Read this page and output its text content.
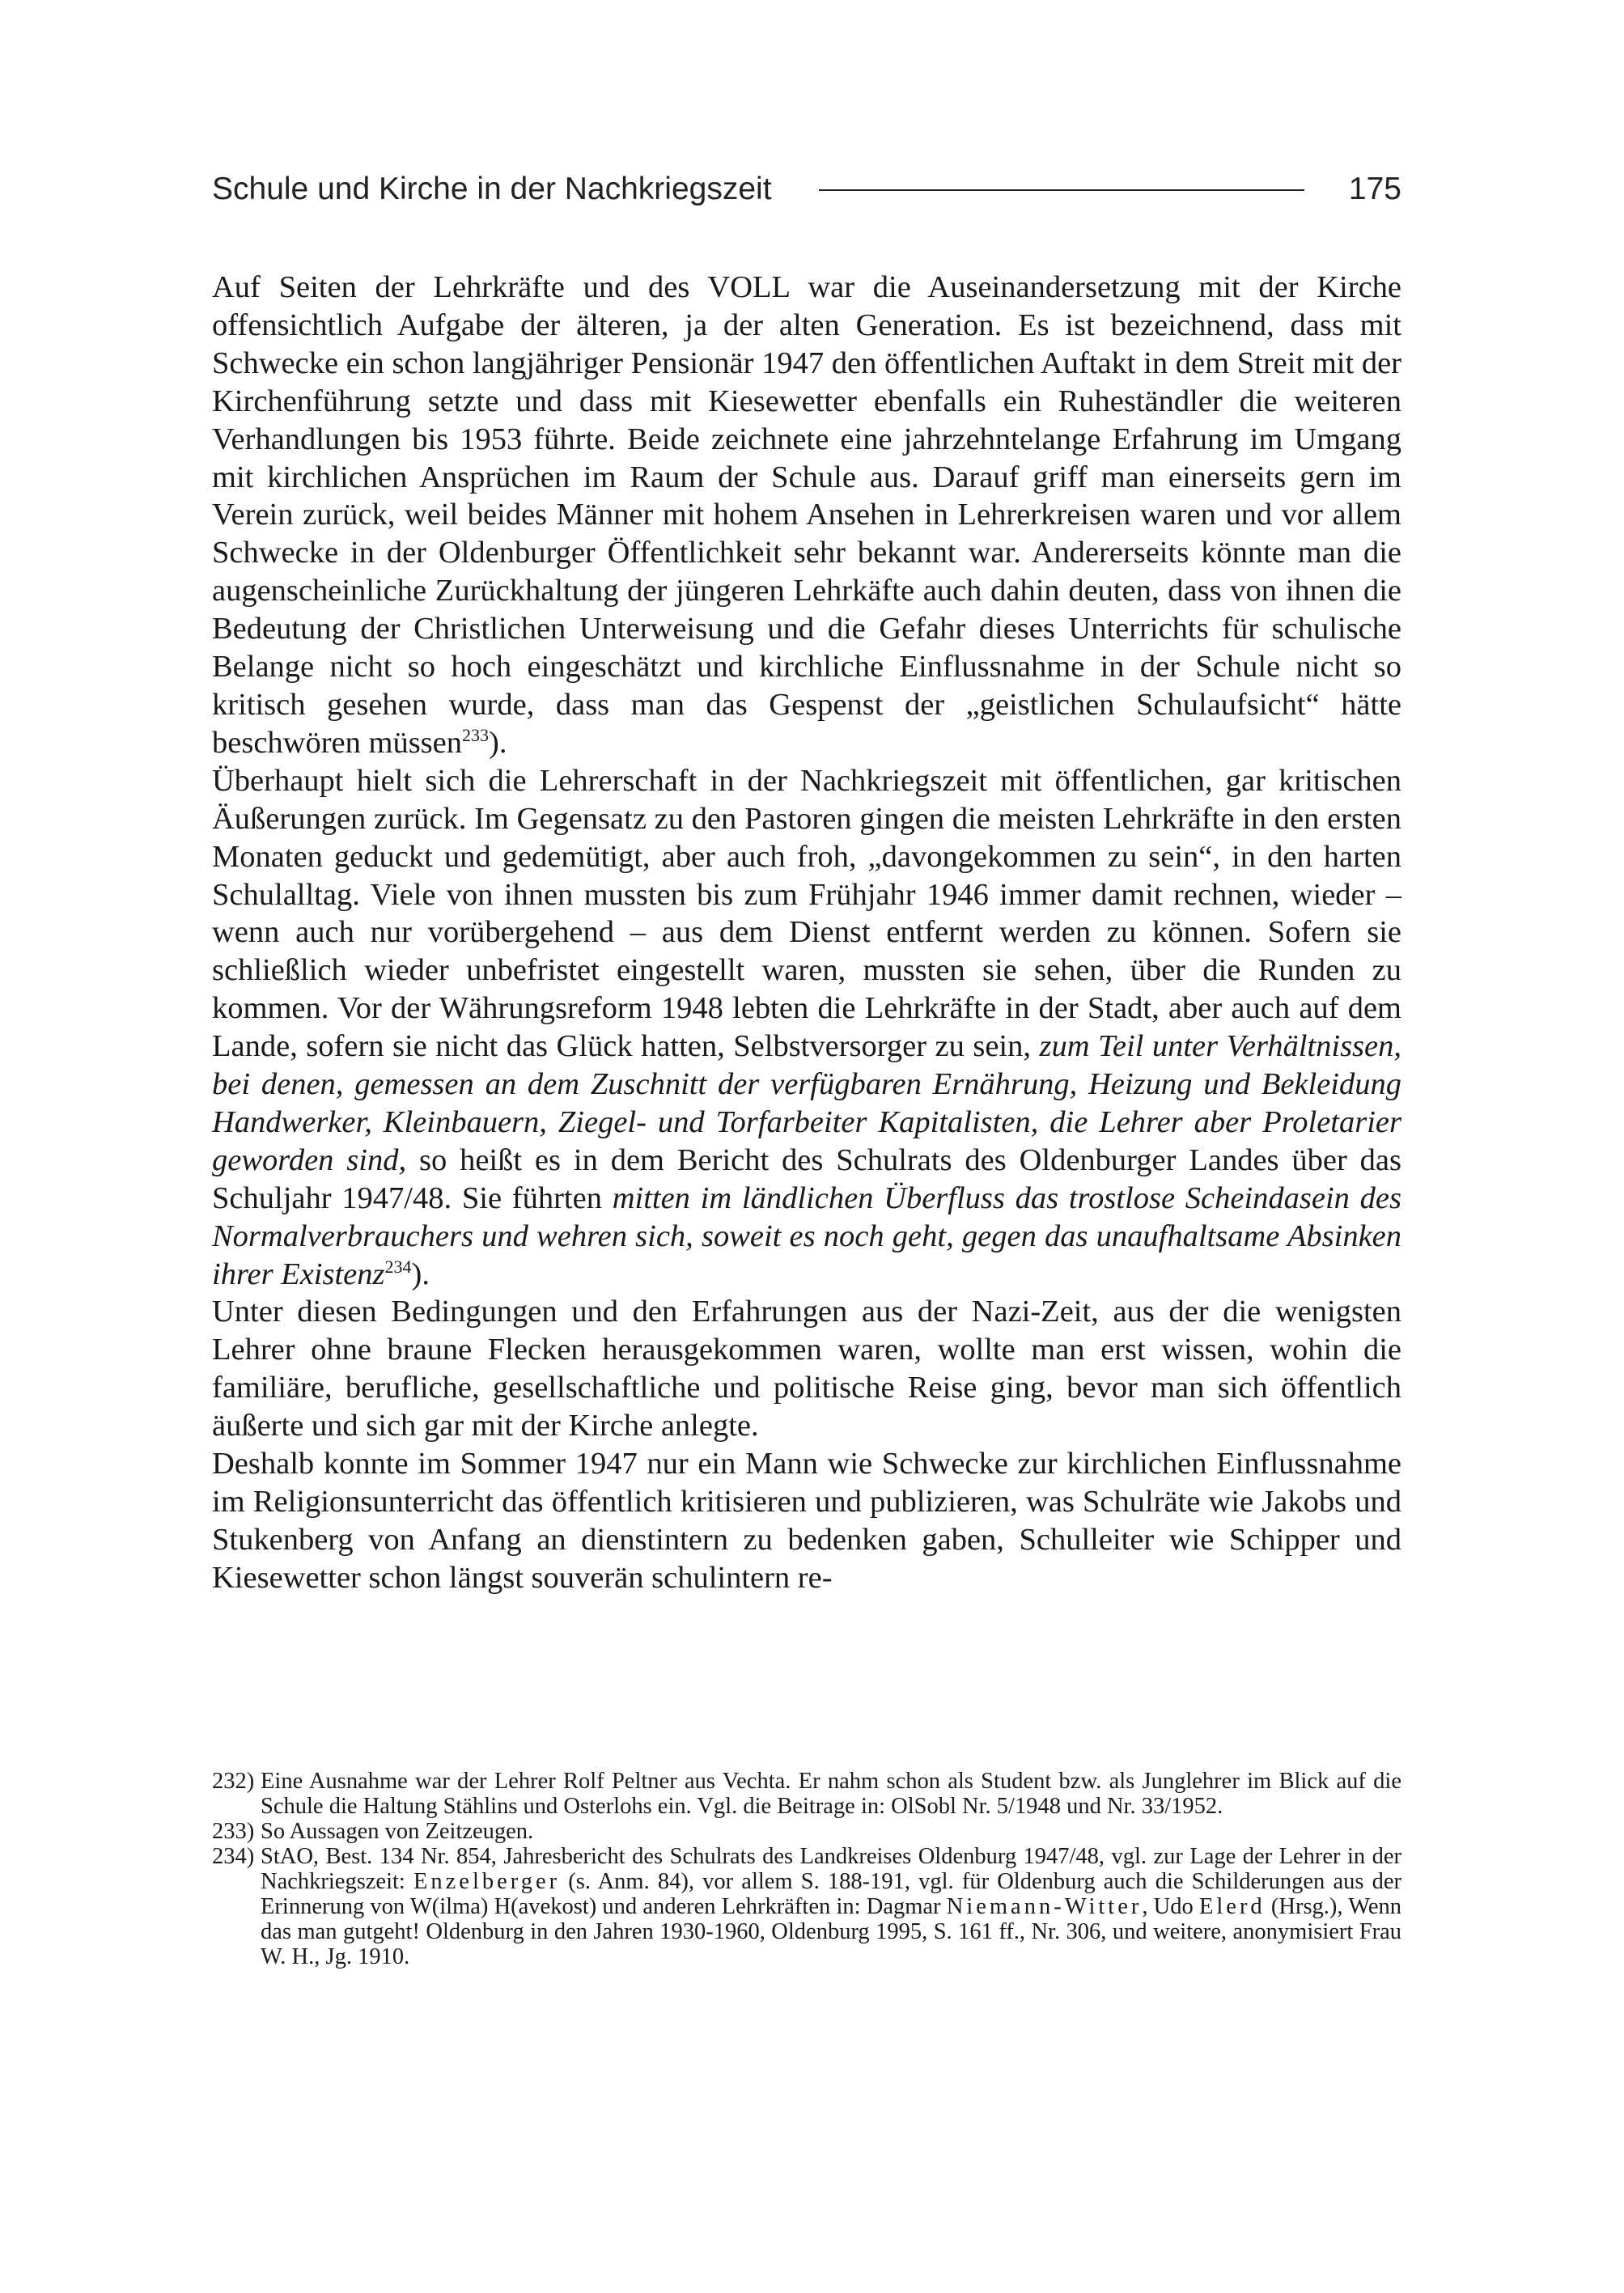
Schule und Kirche in der Nachkriegszeit	175

Auf Seiten der Lehrkräfte und des VOLL war die Auseinandersetzung mit der Kirche offensichtlich Aufgabe der älteren, ja der alten Generation. Es ist bezeichnend, dass mit Schwecke ein schon langjähriger Pensionär 1947 den öffentlichen Auftakt in dem Streit mit der Kirchenführung setzte und dass mit Kiesewetter ebenfalls ein Ruheständler die weiteren Verhandlungen bis 1953 führte. Beide zeichnete eine jahrzehntelange Erfahrung im Umgang mit kirchlichen Ansprüchen im Raum der Schule aus. Darauf griff man einerseits gern im Verein zurück, weil beides Männer mit hohem Ansehen in Lehrerkreisen waren und vor allem Schwecke in der Oldenburger Öffentlichkeit sehr bekannt war. Andererseits könnte man die augenscheinliche Zurückhaltung der jüngeren Lehrkäfte auch dahin deuten, dass von ihnen die Bedeutung der Christlichen Unterweisung und die Gefahr dieses Unterrichts für schulische Belange nicht so hoch eingeschätzt und kirchliche Einflussnahme in der Schule nicht so kritisch gesehen wurde, dass man das Gespenst der „geistlichen Schulaufsicht“ hätte beschwören müssen$^{233}$).

Überhaupt hielt sich die Lehrerschaft in der Nachkriegszeit mit öffentlichen, gar kritischen Äußerungen zurück. Im Gegensatz zu den Pastoren gingen die meisten Lehrkräfte in den ersten Monaten geduckt und gedemütigt, aber auch froh, „davongekommen zu sein“, in den harten Schulalltag. Viele von ihnen mussten bis zum Frühjahr 1946 immer damit rechnen, wieder – wenn auch nur vorübergehend – aus dem Dienst entfernt werden zu können. Sofern sie schließlich wieder unbefristet eingestellt waren, mussten sie sehen, über die Runden zu kommen. Vor der Währungsreform 1948 lebten die Lehrkräfte in der Stadt, aber auch auf dem Lande, sofern sie nicht das Glück hatten, Selbstversorger zu sein, zum Teil unter Verhältnissen, bei denen, gemessen an dem Zuschnitt der verfügbaren Ernährung, Heizung und Bekleidung Handwerker, Kleinbauern, Ziegel- und Torfarbeiter Kapitalisten, die Lehrer aber Proletarier geworden sind, so heißt es in dem Bericht des Schulrats des Oldenburger Landes über das Schuljahr 1947/48. Sie führten mitten im ländlichen Überfluss das trostlose Scheindasein des Normalverbrauchers und wehren sich, soweit es noch geht, gegen das unaufhaltsame Absinken ihrer Existenz$^{234}$).

Unter diesen Bedingungen und den Erfahrungen aus der Nazi-Zeit, aus der die wenigsten Lehrer ohne braune Flecken herausgekommen waren, wollte man erst wissen, wohin die familiäre, berufliche, gesellschaftliche und politische Reise ging, bevor man sich öffentlich äußerte und sich gar mit der Kirche anlegte.

Deshalb konnte im Sommer 1947 nur ein Mann wie Schwecke zur kirchlichen Einflussnahme im Religionsunterricht das öffentlich kritisieren und publizieren, was Schulräte wie Jakobs und Stukenberg von Anfang an dienstintern zu bedenken gaben, Schulleiter wie Schipper und Kiesewetter schon längst souverän schulintern re-

232) Eine Ausnahme war der Lehrer Rolf Peltner aus Vechta. Er nahm schon als Student bzw. als Junglehrer im Blick auf die Schule die Haltung Stählins und Osterlohs ein. Vgl. die Beitrage in: OlSobl Nr. 5/1948 und Nr. 33/1952.

233) So Aussagen von Zeitzeugen.

234) StAO, Best. 134 Nr. 854, Jahresbericht des Schulrats des Landkreises Oldenburg 1947/48, vgl. zur Lage der Lehrer in der Nachkriegszeit: Enzelberger (s. Anm. 84), vor allem S. 188-191, vgl. für Oldenburg auch die Schilderungen aus der Erinnerung von W(ilma) H(avekost) und anderen Lehrkräften in: Dagmar Niemann-Witter, Udo Elerd (Hrsg.), Wenn das man gutgeht! Oldenburg in den Jahren 1930-1960, Oldenburg 1995, S. 161 ff., Nr. 306, und weitere, anonymisiert Frau W. H., Jg. 1910.
